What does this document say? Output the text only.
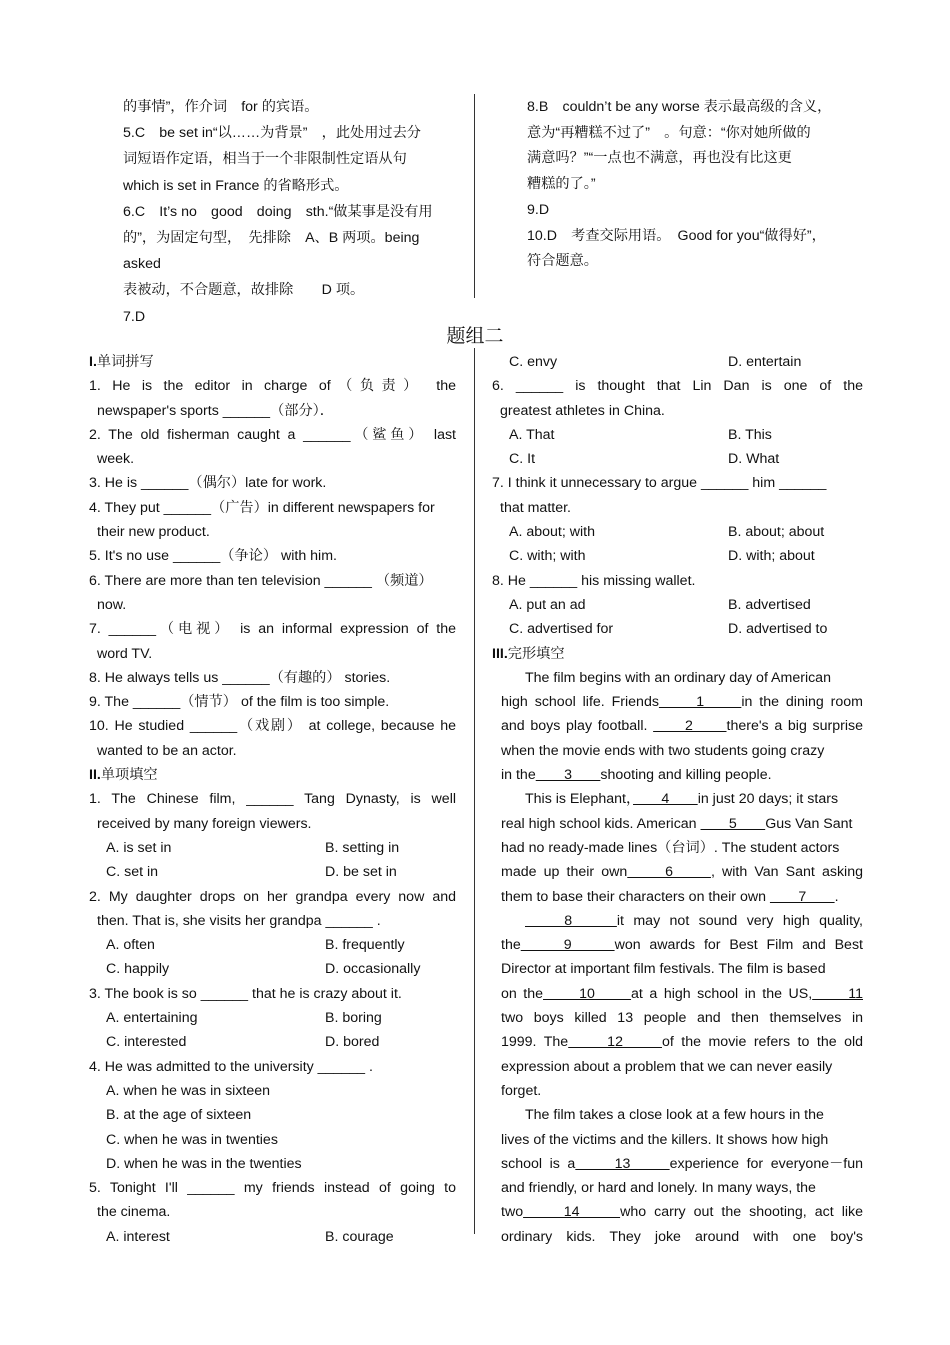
的事情”，作介词　for 的宾语。

5.C　be set in“以……为背景”　，此处用过去分

词短语作定语，相当于一个非限制性定语从句

which is set in France 的省略形式。

6.C　It’s no　good　doing　sth.“做某事是没有用

的”，为固定句型，　先排除　A、B 两项。being asked

表被动，不合题意，故排除　　D 项。

7.D

8.B　couldn’t be any worse 表示最高级的含义，

意为“再糟糕不过了”　。句意：“你对她所做的

满意吗？”“一点也不满意，再也没有比这更

糟糕的了。”

9.D

10.D　考查交际用语。　Good for you“做得好”，

符合题意。

题组二

I.单词拼写

1. He is the editor in charge of（负责） the

newspaper's sports ______（部分）．

2. The old fisherman caught a ______（鲨鱼） last

week.

3. He is ______（偶尔）late for work.

4. They put ______（广告）in different newspapers for

their new product.

5. It's no use ______（争论） with him.

6. There are more than ten television ______ （频道）

now.

7. ______（电视） is an informal expression of the

word TV.

8. He always tells us ______（有趣的） stories.

9. The ______（情节） of the film is too simple.

10. He studied ______（戏剧） at college, because he

wanted to be an actor.

II.单项填空

1. The Chinese film, ______ Tang Dynasty, is well

received by many foreign viewers.

A. is set in	B. setting in

C. set in	D. be set in

2. My daughter drops on her grandpa every now and

then. That is, she visits her grandpa ______ .

A. often	B. frequently

C. happily	D. occasionally

3. The book is so ______ that he is crazy about it.

A. entertaining	B. boring

C. interested	D. bored

4. He was admitted to the university ______ .

A. when he was in sixteen

B. at the age of sixteen

C. when he was in twenties

D. when he was in the twenties

5. Tonight I'll ______ my friends instead of going to

the cinema.

A. interest	B. courage

C. envy	D. entertain

6. ______ is thought that Lin Dan is one of the

greatest athletes in China.

A. That	B. This

C. It	D. What

7. I think it unnecessary to argue ______ him ______

that matter.

A. about; with	B. about; about

C. with; with	D. with; about

8. He ______ his missing wallet.

A. put an ad	B. advertised

C. advertised for	D. advertised to

III.完形填空

The film begins with an ordinary day of American

high school life. Friends　　1　　in the dining room

and boys play football. 　　2　　there's a big surprise

when the movie ends with two students going crazy

in the　　3　　shooting and killing people.

This is Elephant，　　4　　in just 20 days; it stars

real high school kids. American 　　5　　Gus Van Sant

had no ready-made lines（台词）. The student actors

made up their own　　6　　, with Van Sant asking

them to base their characters on their own 　　7　　.

　　8　　it may not sound very high quality,

the　　9　　won awards for Best Film and Best

Director at important film festivals. The film is based

on the　　10　　at a high school in the US,　　11

two boys killed 13 people and then themselves in

1999. The　　12　　of the movie refers to the old

expression about a problem that we can never easily

forget.

The film takes a close look at a few hours in the

lives of the victims and the killers. It shows how high

school is a　　13　　experience for everyone－fun

and friendly, or hard and lonely. In many ways, the

two　　14　　who carry out the shooting, act like

ordinary kids. They joke around with one boy's
